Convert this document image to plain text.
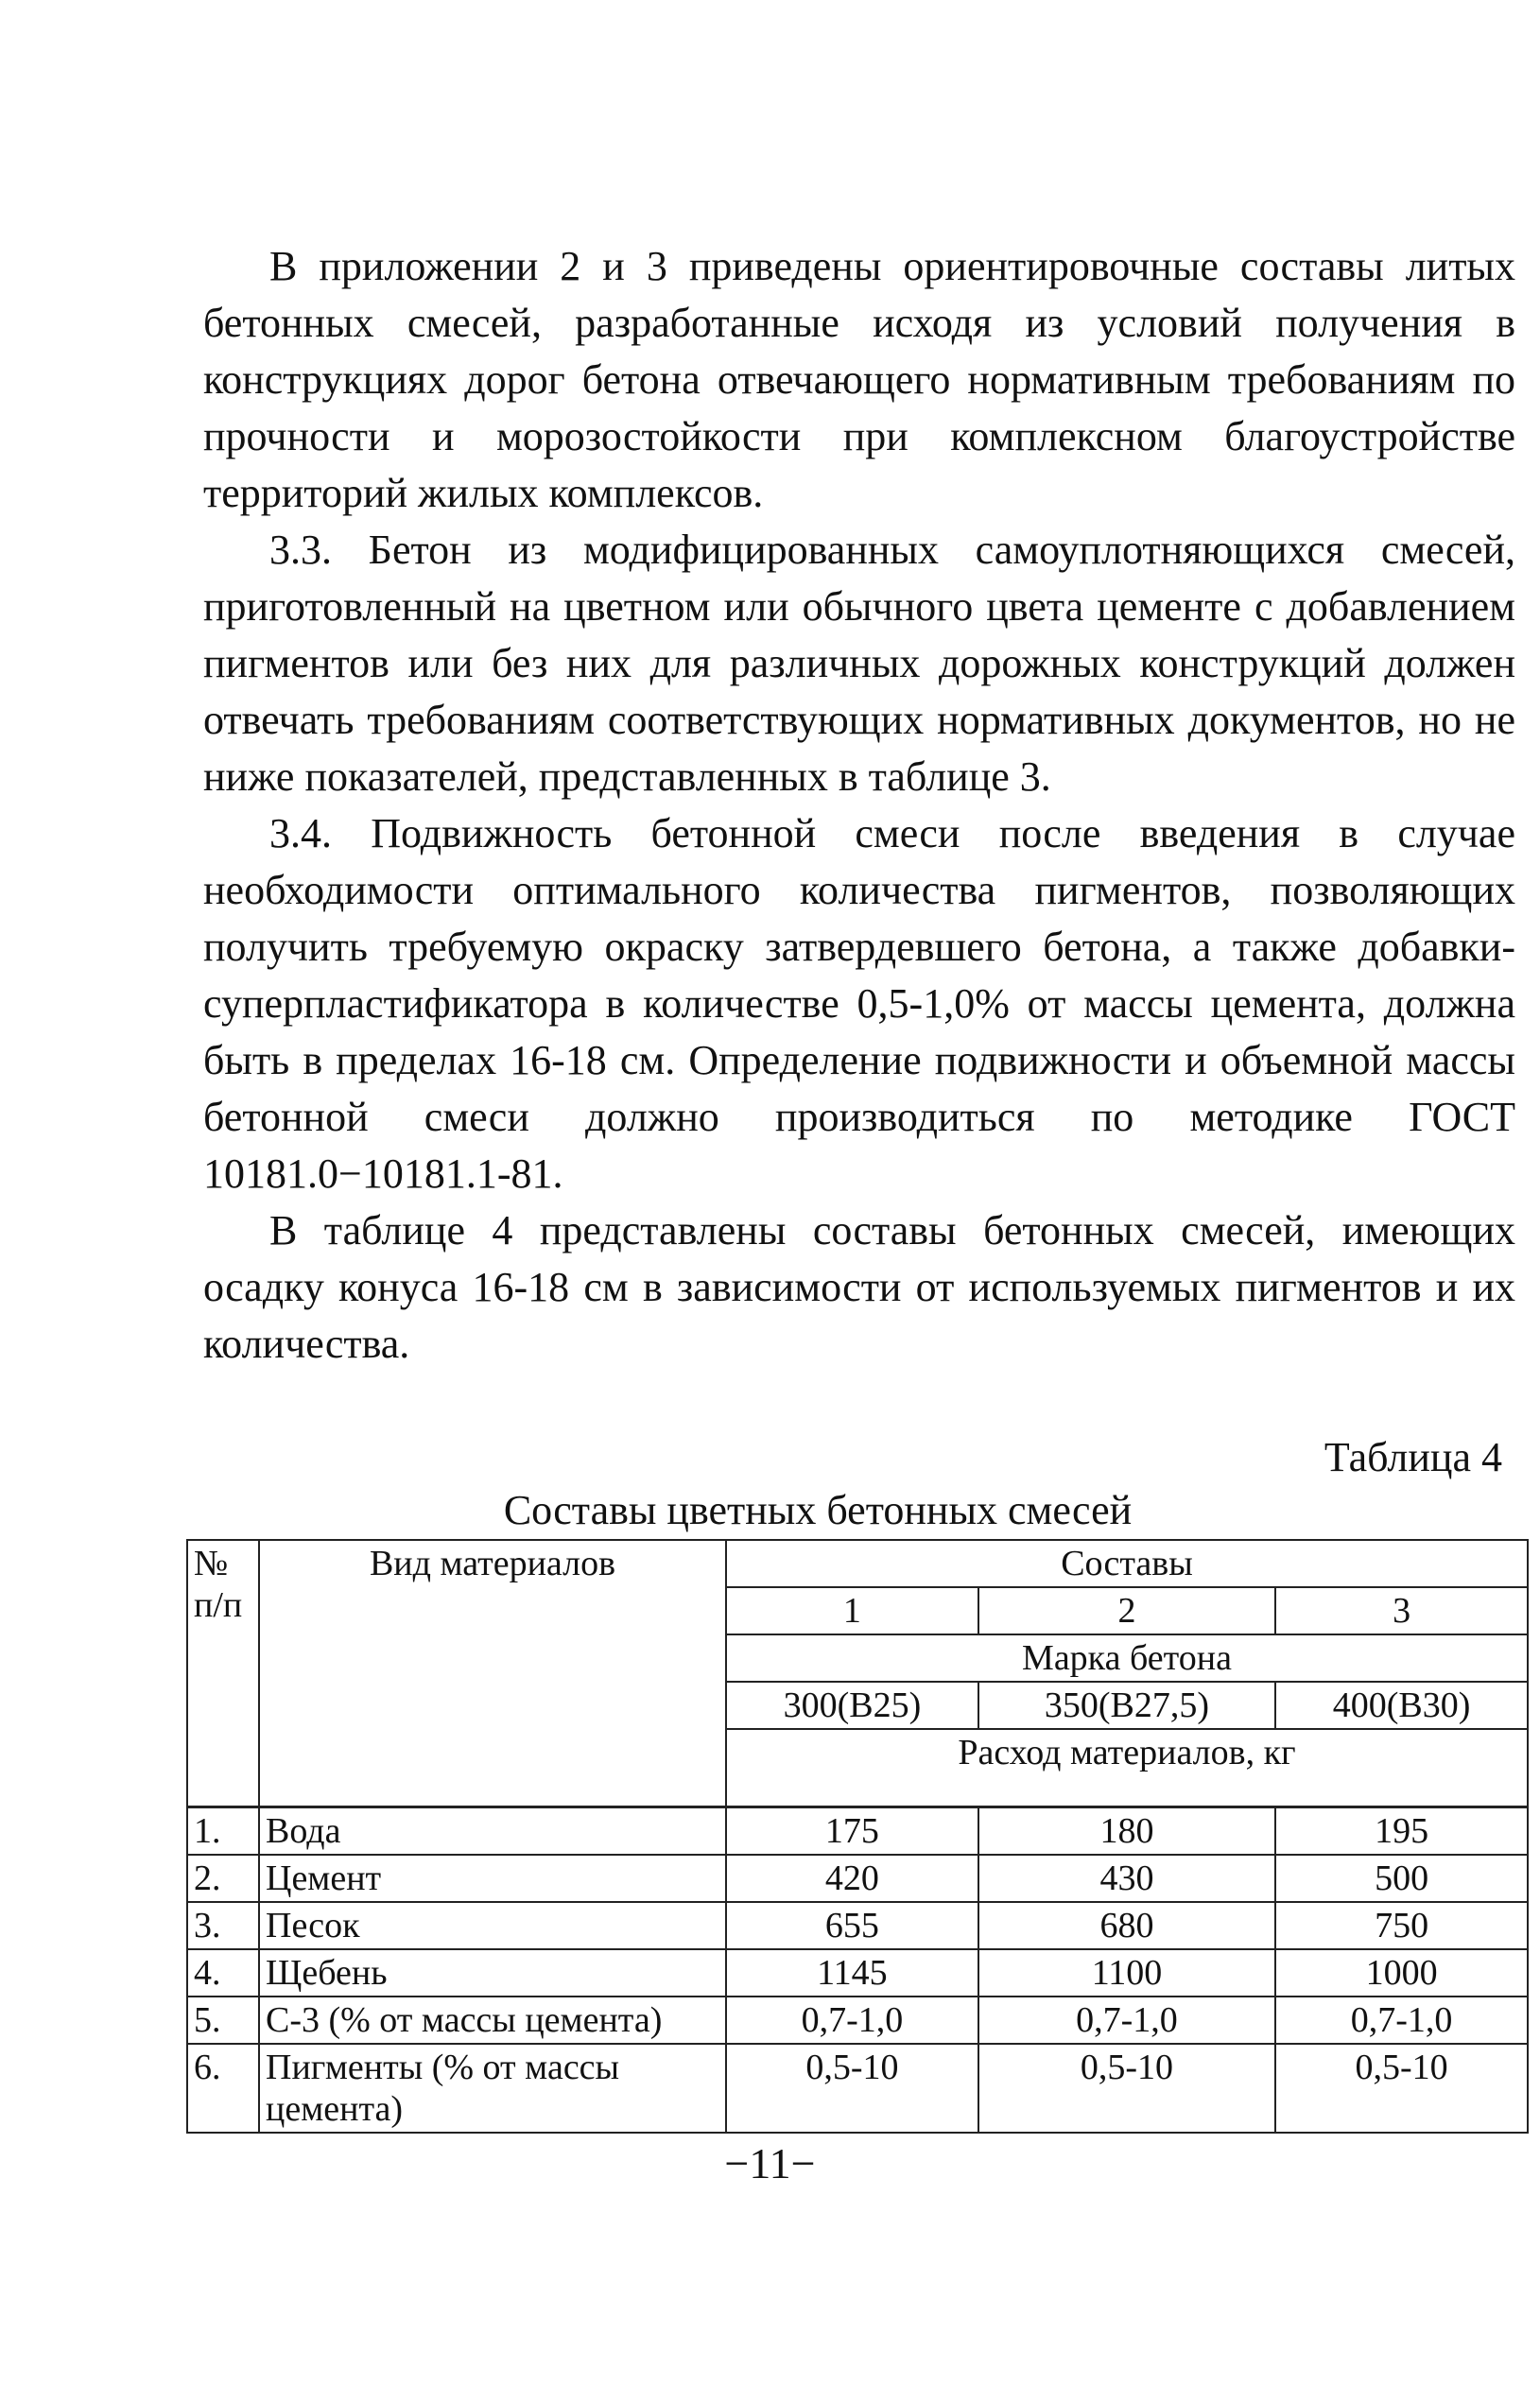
В приложении 2 и 3 приведены ориентировочные составы литых бетонных смесей, разработанные исходя из условий получения в конструкциях дорог бетона отвечающего нормативным требованиям по прочности и морозостойкости при комплексном благоустройстве территорий жилых комплексов.

3.3. Бетон из модифицированных самоуплотняющихся смесей, приготовленный на цветном или обычного цвета цементе с добавлением пигментов или без них для различных дорожных конструкций должен отвечать требованиям соответствующих нормативных документов, но не ниже показателей, представленных в таблице 3.

3.4. Подвижность бетонной смеси после введения в случае необходимости оптимального количества пигментов, позволяющих получить требуемую окраску затвердевшего бетона, а также добавки-суперпластификатора в количестве 0,5-1,0% от массы цемента, должна быть в пределах 16-18 см. Определение подвижности и объемной массы бетонной смеси должно производиться по методике ГОСТ 10181.0−10181.1-81.

В таблице 4 представлены составы бетонных смесей, имеющих осадку конуса 16-18 см в зависимости от используемых пигментов и их количества.

Таблица 4
Составы цветных бетонных смесей
№
п/п	Вид материалов	Составы		
		1	2	3
		Марка бетона		
		300(В25)	350(В27,5)	400(В30)
		Расход материалов, кг		
1.	Вода	175	180	195
2.	Цемент	420	430	500
3.	Песок	655	680	750
4.	Щебень	1145	1100	1000
5.	С-3 (% от массы цемента)	0,7-1,0	0,7-1,0	0,7-1,0
6.	Пигменты (% от массы цемента)	0,5-10	0,5-10	0,5-10
−11−
